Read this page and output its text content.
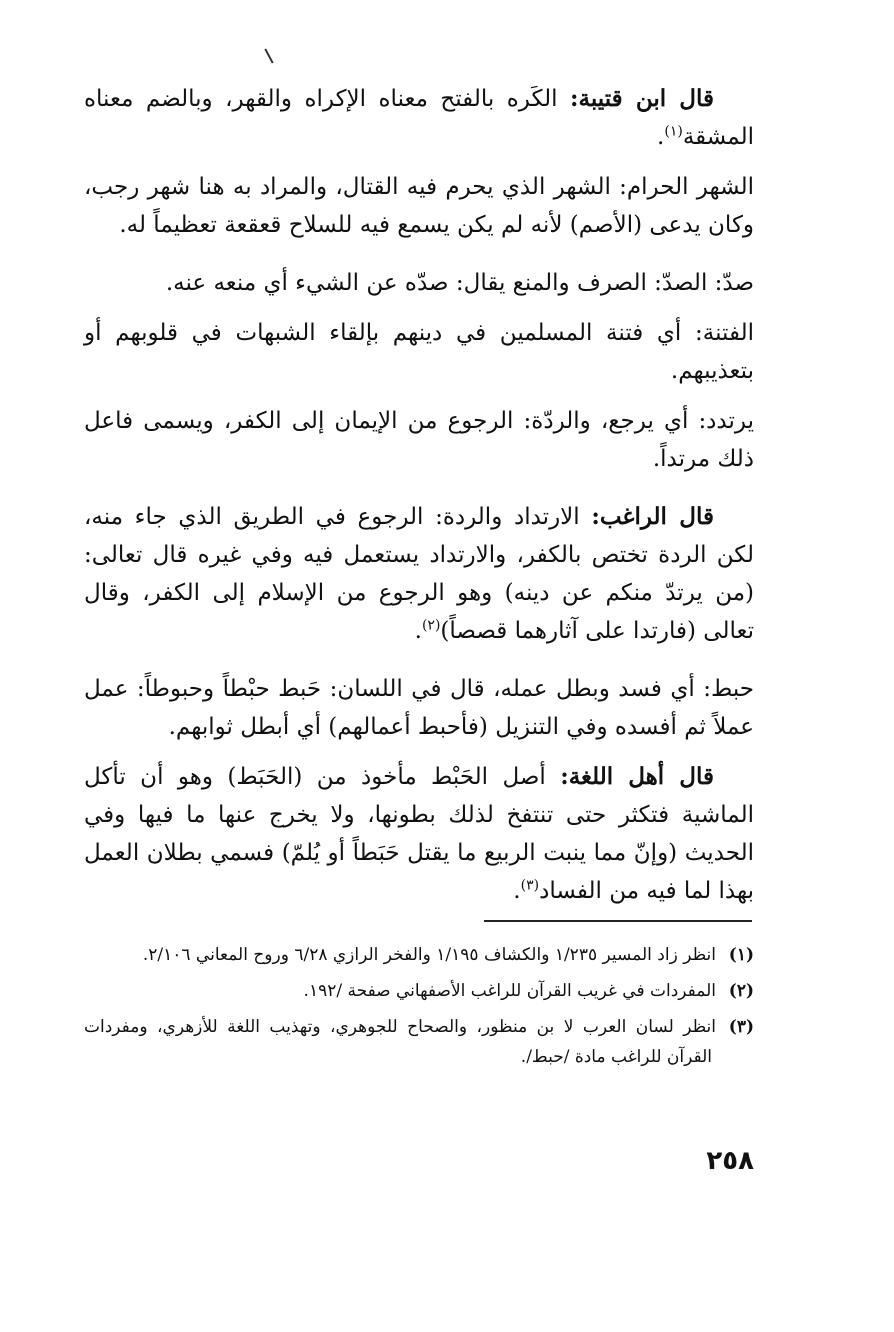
قال ابن قتيبة: الكَره بالفتح معناه الإكراه والقهر، وبالضم معناه المشقة$^{(١)}$.

الشهر الحرام: الشهر الذي يحرم فيه القتال، والمراد به هنا شهر رجب، وكان يدعى (الأصم) لأنه لم يكن يسمع فيه للسلاح قعقعة تعظيماً له.

صدّ: الصدّ: الصرف والمنع يقال: صدّه عن الشيء أي منعه عنه.

الفتنة: أي فتنة المسلمين في دينهم بإلقاء الشبهات في قلوبهم أو بتعذيبهم.

يرتدد: أي يرجع، والردّة: الرجوع من الإيمان إلى الكفر، ويسمى فاعل ذلك مرتداً.

قال الراغب: الارتداد والردة: الرجوع في الطريق الذي جاء منه، لكن الردة تختص بالكفر، والارتداد يستعمل فيه وفي غيره قال تعالى: (من يرتدّ منكم عن دينه) وهو الرجوع من الإسلام إلى الكفر، وقال تعالى (فارتدا على آثارهما قصصاً)$^{(٢)}$.

حبط: أي فسد وبطل عمله، قال في اللسان: حَبط حبْطاً وحبوطاً: عمل عملاً ثم أفسده وفي التنزيل (فأحبط أعمالهم) أي أبطل ثوابهم.

قال أهل اللغة: أصل الحَبْط مأخوذ من (الحَبَط) وهو أن تأكل الماشية فتكثر حتى تنتفخ لذلك بطونها، ولا يخرج عنها ما فيها وفي الحديث (وإنّ مما ينبت الربيع ما يقتل حَبَطاً أو يُلمّ) فسمي بطلان العمل بهذا لما فيه من الفساد$^{(٣)}$.

(١)انظر زاد المسير ١/٢٣٥ والكشاف ١/١٩٥ والفخر الرازي ٦/٢٨ وروح المعاني ٢/١٠٦.

(٢)المفردات في غريب القرآن للراغب الأصفهاني صفحة /١٩٢.

(٣)انظر لسان العرب لا بن منظور، والصحاح للجوهري، وتهذيب اللغة للأزهري، ومفردات القرآن للراغب مادة /حبط/.

٢٥٨
